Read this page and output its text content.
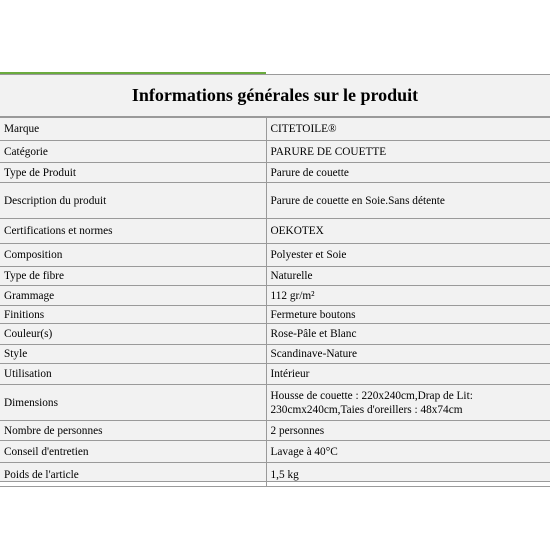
Informations générales sur le produit
Marque	CITETOILE®
Catégorie	PARURE DE COUETTE
Type de Produit	Parure de couette
Description du produit	Parure de couette en Soie.Sans détente
Certifications et normes	OEKOTEX
Composition	Polyester et Soie
Type de fibre	Naturelle
Grammage	112 gr/m²
Finitions	Fermeture boutons
Couleur(s)	Rose-Pâle et Blanc
Style	Scandinave-Nature
Utilisation	Intérieur
Dimensions	Housse de couette : 220x240cm,Drap de Lit: 230cmx240cm,Taies d'oreillers : 48x74cm
Nombre de personnes	2 personnes
Conseil d'entretien	Lavage à 40°C
Poids de l'article	1,5 kg
